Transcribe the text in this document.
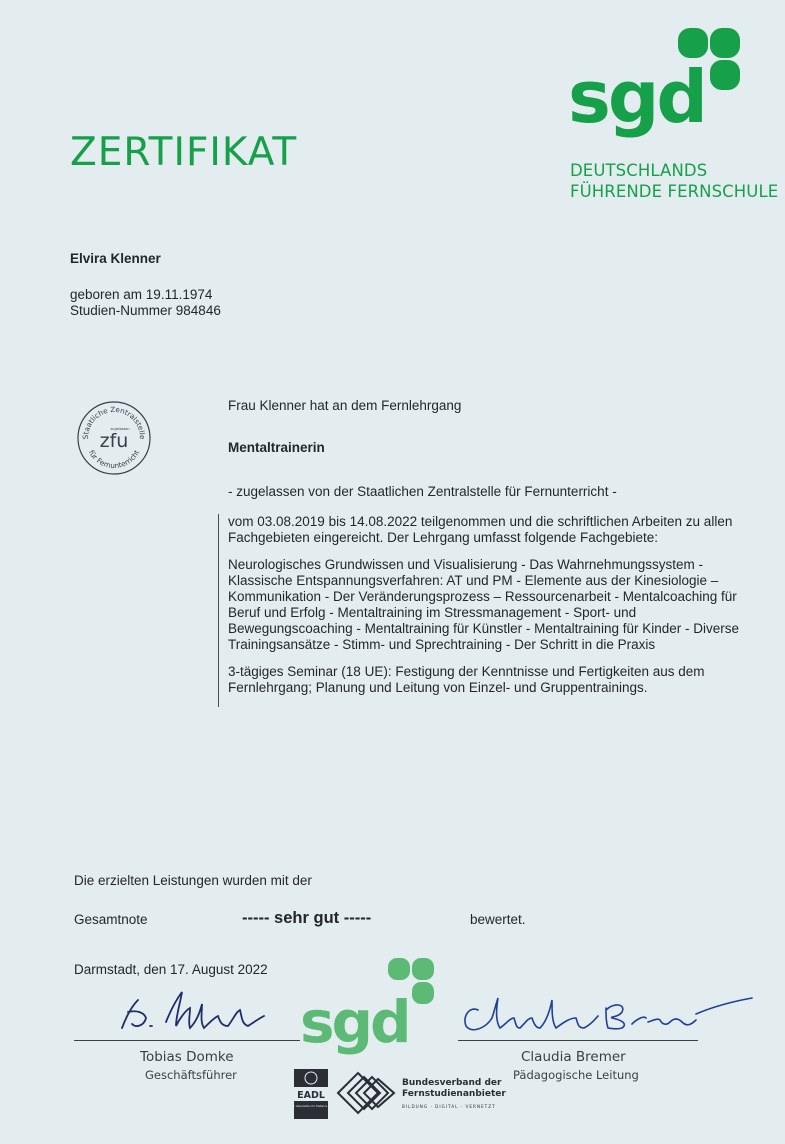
ZERTIFIKAT
sgd
DEUTSCHLANDS
FÜHRENDE FERNSCHULE
Elvira Klenner
geboren am 19.11.1974
Studien-Nummer 984846
Staatliche Zentralstelle
für Fernunterricht
zugelassen
zfu
Frau Klenner hat an dem Fernlehrgang
Mentaltrainerin
- zugelassen von der Staatlichen Zentralstelle für Fernunterricht -

vom 03.08.2019 bis 14.08.2022 teilgenommen und die schriftlichen Arbeiten zu allen Fachgebieten eingereicht. Der Lehrgang umfasst folgende Fachgebiete:

Neurologisches Grundwissen und Visualisierung - Das Wahrnehmungssystem - Klassische Entspannungsverfahren: AT und PM - Elemente aus der Kinesiologie – Kommunikation - Der Veränderungsprozess – Ressourcenarbeit - Mentalcoaching für Beruf und Erfolg - Mentaltraining im Stressmanagement - Sport- und Bewegungscoaching - Mentaltraining für Künstler - Mentaltraining für Kinder - Diverse Trainingsansätze - Stimm- und Sprechtraining - Der Schritt in die Praxis

3-tägiges Seminar (18 UE): Festigung der Kenntnisse und Fertigkeiten aus dem Fernlehrgang; Planung und Leitung von Einzel- und Gruppentrainings.

Die erzielten Leistungen wurden mit der
Gesamtnote	----- sehr gut -----	bewertet.
Darmstadt, den 17. August 2022
sgd
Tobias Domke
Geschäftsführer
Claudia Bremer
Pädagogische Leitung
EADL
European Association for Distance Learning
Bundesverband der Fernstudienanbieter
BILDUNG · DIGITAL · VERNETZT
